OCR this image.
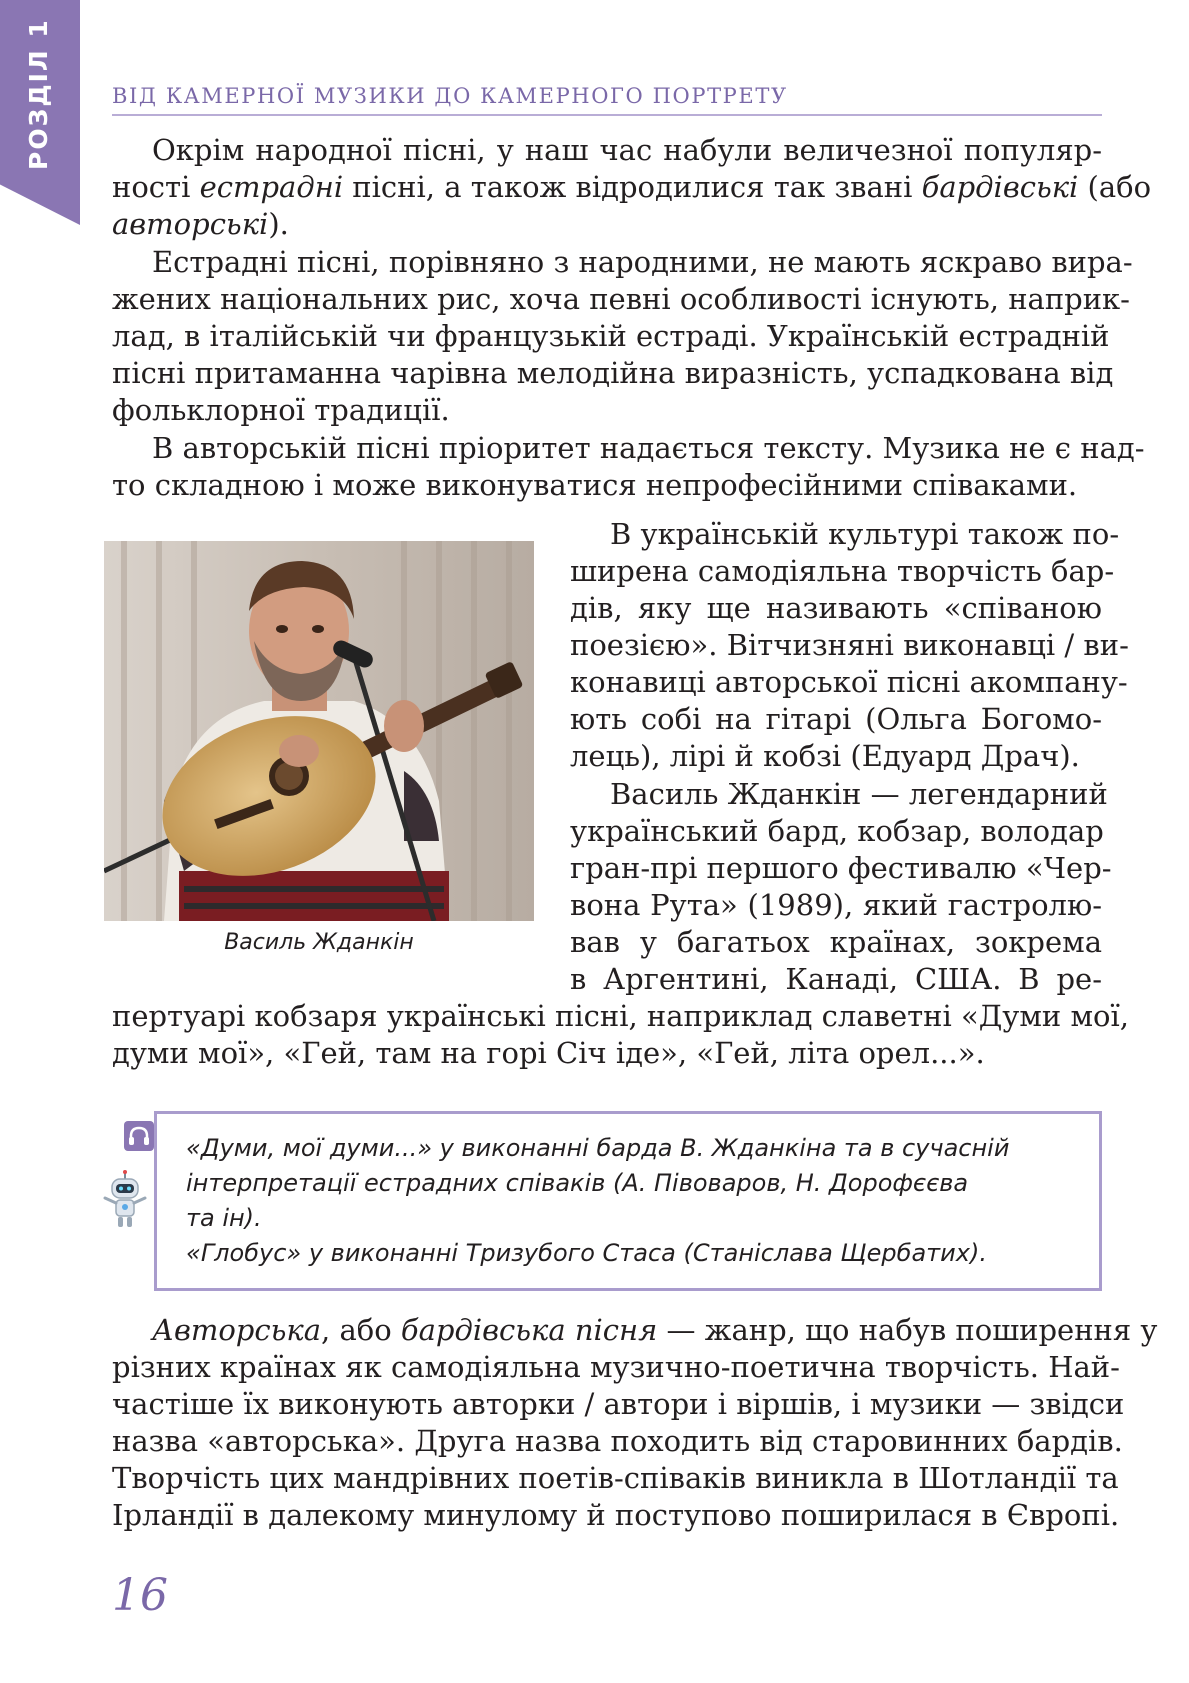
РОЗДІЛ 1	ВІД КАМЕРНОЇ МУЗИКИ ДО КАМЕРНОГО ПОРТРЕТУ

Окрім народної пісні, у наш час набули величезної популяр-
ності естрадні пісні, а також відродилися так звані бардівські (або
авторські).

Естрадні пісні, порівняно з народними, не мають яскраво вира-
жених національних рис, хоча певні особливості існують, наприк-
лад, в італійській чи французькій естраді. Українській естрадній
пісні притаманна чарівна мелодійна виразність, успадкована від
фольклорної традиції.

В авторській пісні пріоритет надається тексту. Музика не є над-
то складною і може виконуватися непрофесійними співаками.

Василь Жданкін

В українській культурі також по-
ширена самодіяльна творчість бар-
дів, яку ще називають «співаною
поезією». Вітчизняні виконавці / ви-
конавиці авторської пісні акомпану-
ють собі на гітарі (Ольга Богомо-
лець), лірі й кобзі (Едуард Драч).

Василь Жданкін — легендарний
український бард, кобзар, володар
гран-прі першого фестивалю «Чер-
вона Рута» (1989), який гастролю-
вав у багатьох країнах, зокрема
в Аргентині, Канаді, США. В ре-

пертуарі кобзаря українські пісні, наприклад славетні «Думи мої,
думи мої», «Гей, там на горі Січ іде», «Гей, літа орел...».

«Думи, мої думи...» у виконанні барда В. Жданкіна та в сучасній
інтерпретації естрадних співаків (А. Півоваров, Н. Дорофєєва
та ін).
«Глобус» у виконанні Тризубого Стаса (Станіслава Щербатих).

Авторська, або бардівська пісня — жанр, що набув поширення у
різних країнах як самодіяльна музично-поетична творчість. Най-
частіше їх виконують авторки / автори і віршів, і музики — звідси
назва «авторська». Друга назва походить від старовинних бардів.
Творчість цих мандрівних поетів-співаків виникла в Шотландії та
Ірландії в далекому минулому й поступово поширилася в Європі.

16
